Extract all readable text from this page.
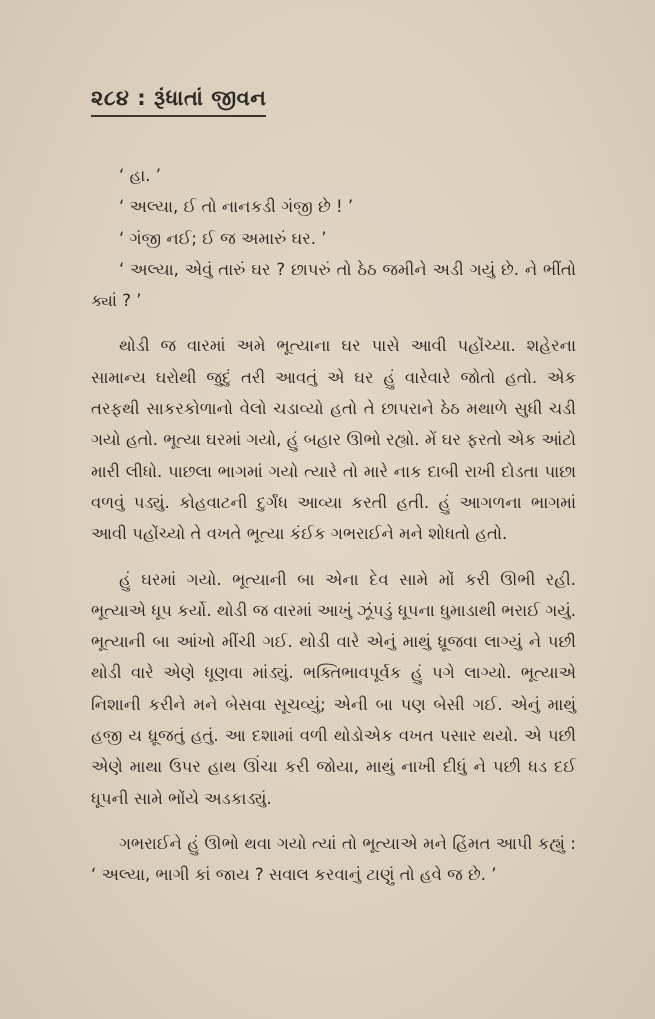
૨૮૪ : રૂંધાતાં જીવન

‘ હા. ’

‘ અલ્યા, ઈ તો નાનકડી ગંજી છે ! ’

‘ ગંજી નઈ; ઈ જ અમારું ઘર. ’

‘ અલ્યા, એવું તારું ઘર ? છાપરું તો ઠેઠ જમીને અડી ગયું છે. ને ભીંતો ક્યાં ? ’

થોડી જ વારમાં અમે ભૂત્યાના ઘર પાસે આવી પહોંચ્યા. શહેરના સામાન્ય ઘરોથી જુદું તરી આવતું એ ઘર હું વારેવારે જોતો હતો. એક તરફથી સાકરકોળાનો વેલો ચડાવ્યો હતો તે છાપરાને ઠેઠ મથાળે સુધી ચડી ગયો હતો. ભૂત્યા ઘરમાં ગયો, હું બહાર ઊભો રહ્યો. મેં ઘર ફરતો એક આંટો મારી લીધો. પાછલા ભાગમાં ગયો ત્યારે તો મારે નાક દાબી રાખી દોડતા પાછા વળવું પડ્યું. કોહવાટની દુર્ગંધ આવ્યા કરતી હતી. હું આગળના ભાગમાં આવી પહોંચ્યો તે વખતે ભૂત્યા કંઈક ગભરાઈને મને શોધતો હતો.

હું ઘરમાં ગયો. ભૂત્યાની બા એના દેવ સામે મોં કરી ઊભી રહી. ભૂત્યાએ ધૂપ કર્યો. થોડી જ વારમાં આખું ઝૂંપડું ધૂપના ધુમાડાથી ભરાઈ ગયું. ભૂત્યાની બા આંખો મીંચી ગઈ. થોડી વારે એનું માથું ધ્રૂજવા લાગ્યું ને પછી થોડી વારે એણે ધૂણવા માંડ્યું. ભક્તિભાવપૂર્વક હું પગે લાગ્યો. ભૂત્યાએ નિશાની કરીને મને બેસવા સૂચવ્યું; એની બા પણ બેસી ગઈ. એનું માથું હજી ય ધ્રૂજતું હતું. આ દશામાં વળી થોડોએક વખત પસાર થયો. એ પછી એણે માથા ઉપર હાથ ઊંચા કરી જોયા, માથું નાખી દીધું ને પછી ધડ દઈ ધૂપની સામે ભોંયે અડકાડ્યું.

ગભરાઈને હું ઊભો થવા ગયો ત્યાં તો ભૂત્યાએ મને હિંમત આપી કહ્યું : ‘ અલ્યા, ભાગી કાં જાય ? સવાલ કરવાનું ટાણું તો હવે જ છે. ’
